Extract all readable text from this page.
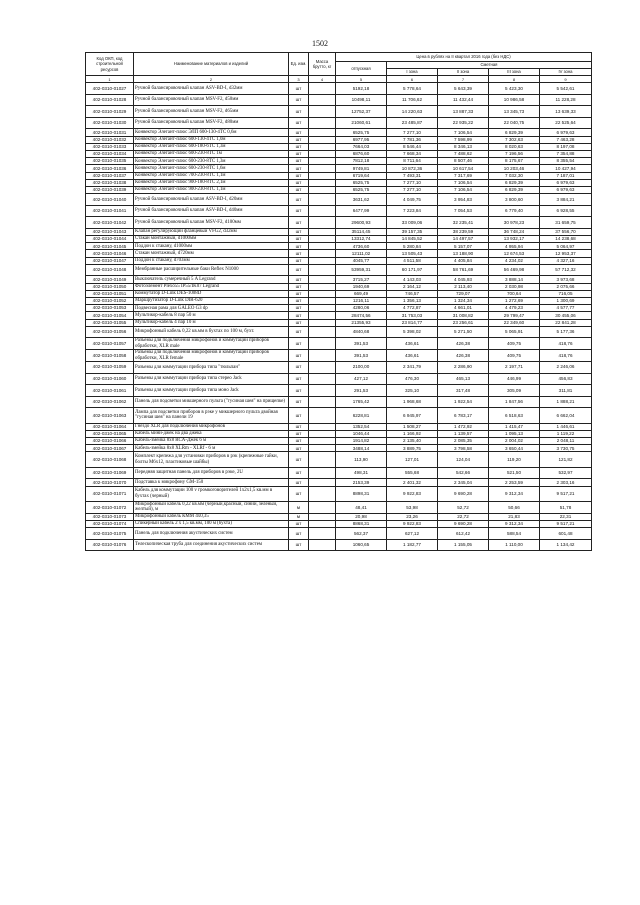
1502
Код ОКП, код строительной ресурсов	Наименование материалов и изделий	Ед. изм.	Масса брутто, кг	Цена в рублях на II квартал 2016 года (без НДС)				
				отпускная	Сметная			
					I зона	II зона	III зона	IV зона
1	2	3	4	5	6	7	8	9
402-0310-01027	Ручной балансировочный клапан ASV-BD-I, d32мм	шт		5192,18	5 778,64	5 643,39	5 423,30	5 542,61
402-0310-01028	Ручной балансировочный клапан MSV-F2, d50мм	шт		10498,11	11 706,62	11 432,44	10 986,58	11 228,28
402-0310-01029	Ручной балансировочный клапан MSV-F2, d65мм	шт		12752,37	14 220,63	13 887,33	13 345,73	13 639,33
402-0310-01030	Ручной балансировочный клапан MSV-F2, d80мм	шт		21060,61	23 485,87	22 935,22	22 040,75	22 525,64
402-0310-01031	Конвектор Элегант-плюс ЭЛП 600-130-4ТС 0,6м	шт		6525,75	7 277,10	7 106,54	6 829,39	6 979,63
402-0310-01032	Конвектор Элегант-плюс 600-130-4ТС 1,0м	шт		6977,95	7 781,36	7 598,99	7 302,63	7 463,28
402-0310-01033	Конвектор Элегант-плюс 600-180-6ТС 1,3м	шт		7664,03	8 546,44	8 346,13	8 020,63	8 197,08
402-0310-01034	Конвектор Элегант-плюс 600-230-8ТС 1м	шт		6876,60	7 668,34	7 488,62	7 196,56	7 354,88
402-0310-01035	Конвектор Элегант-плюс 600-230-8ТС 1,3м	шт		7812,18	8 711,64	8 507,46	8 175,67	8 355,54
402-0310-01036	Конвектор Элегант-плюс 600-230-8ТС 1,6м	шт		9749,81	10 872,36	10 617,54	10 203,46	10 427,94
402-0310-01037	Конвектор Элегант-плюс 700-230-8ТС 1,1м	шт		6719,64	7 493,31	7 317,69	7 032,30	7 187,01
402-0310-01038	Конвектор Элегант-плюс 900-180-8ТС 2,1м	шт		6525,75	7 277,10	7 106,54	6 829,39	6 979,63
402-0310-01039	Конвектор Элегант-плюс 900-230-8ТС 1,1м	шт		6525,75	7 277,10	7 106,54	6 829,39	6 979,63
402-0310-01040	Ручной балансировочный клапан ASV-BD-I, d20мм	шт		3631,62	4 049,75	3 954,83	3 800,60	3 884,21
402-0310-01041	Ручной балансировочный клапан ASV-BD-I, d40мм	шт		6477,99	7 223,84	7 054,53	6 779,40	6 928,55
402-0310-01042	Ручной балансировочный клапан MSV-F2, d100мм	шт		29600,93	33 009,06	32 235,41	30 978,23	31 659,75
402-0310-01043	Клапан регулирующий фланцевый VFG2, d32мм	шт		35114,45	39 157,35	38 239,59	36 748,24	37 556,70
402-0310-01044	Стакан монтажный, d1000мм	шт		13312,74	14 845,52	14 497,57	13 932,17	14 238,68
402-0310-01045	Поддон к стакану, d1000мм	шт		4736,60	5 280,84	5 157,07	4 955,94	5 064,97
402-0310-01046	Стакан монтажный, d720мм	шт		12111,02	13 505,43	13 188,90	12 674,53	12 953,37
402-0310-01047	Поддон к стакану, d703мм	шт		4045,77	4 511,58	4 405,84	4 234,02	4 327,16
402-0310-01048	Мембранные расширительные баки Reflex N1000	шт		53959,31	60 171,97	58 761,69	56 469,98	57 712,32
402-0310-01049	Выключатель сумеречный 5 A Legrand	шт		3715,27	4 143,03	4 045,93	3 888,14	3 973,68
402-0310-01050	Фотоэлемент Plexo55 IP55/IK07 Legrand	шт		1940,69	2 164,12	2 113,40	2 030,98	2 075,66
402-0310-01051	Коммутатор D-Link DES-1008D	шт		669,49	746,57	729,07	700,64	716,05
402-0310-01052	Маршрутизатор D-Link DIR-620	шт		1216,11	1 356,13	1 324,34	1 272,69	1 300,69
402-0310-01053	Подвесная рама для GALEO G3 dp	шт		4280,06	4 772,87	4 661,01	4 479,23	4 577,77
402-0310-01054	Мультикор-кабель 8 пар 50 м	шт		28474,56	31 753,03	31 008,82	29 799,47	30 455,06
402-0310-01055	Мультикор-кабель 4 пар 10 м	шт		21355,93	23 814,77	23 256,61	22 349,60	22 841,28
402-0310-01056	Микрофонный кабель 0,22 кв.мм в бухтах по 100 м, бухт.	шт		4840,68	5 398,02	5 271,50	5 065,91	5 177,36
402-0310-01057	Разъемы для подключения микрофонов и коммутации приборов обработки, XLR male	шт		391,53	436,61	426,38	409,75	418,76
402-0310-01058	Разъемы для подключения микрофонов и коммутации приборов обработки, XLR female	шт		391,53	436,61	426,38	409,75	418,76
402-0310-01059	Разъемы для коммутации прибора типа "тюльпан"	шт		2100,00	2 341,79	2 286,90	2 197,71	2 246,06
402-0310-01060	Разъемы для коммутации прибора типа стерео Jack	шт		427,12	476,30	465,13	446,99	456,83
402-0310-01061	Разъемы для коммутации прибора типа моно Jack	шт		291,53	325,10	317,48	305,09	311,81
402-0310-01062	Панель для подсветки микшерного пульта ("гусиная шея" на прищепке)	шт		1765,42	1 968,68	1 922,54	1 847,56	1 888,21
402-0310-01063	Лампа для подсветки приборов в рэке у микшерного пульта двойная "гусиная шея" на панели 19	шт		6228,81	6 945,97	6 783,17	6 518,63	6 662,04
402-0310-01064	Гнездо XLR для подключения микрофонов	шт		1352,54	1 508,27	1 472,92	1 415,47	1 446,61
402-0310-01065	Кабель мини-джек на два джека	шт		1046,44	1 166,92	1 139,57	1 095,13	1 119,22
402-0310-01066	Кабель-змейка 8x8 RCA-Джек 6 м	шт		1914,82	2 135,40	2 085,35	2 004,02	2 048,11
402-0310-01067	Кабель-змейка 8x8 XLRm - XLRf - 6 м	шт		3488,14	3 889,75	3 798,58	3 650,44	3 730,75
402-0310-01068	Комплект крепежа для установки приборов в рэк (крепежные гайки, болты М6х12, пластиковые шайбы)	шт		113,90	127,01	124,04	119,20	121,82
402-0310-01069	Передняя защитная панель для приборов в рэке, 2U	шт		498,31	555,68	542,66	521,50	532,97
402-0310-01070	Подставка к микрофону GM-150	шт		2153,39	2 401,32	2 345,04	2 253,59	2 303,16
402-0310-01071	Кабель для коммутации 100 v громкоговорителей 1x2x1,5 кв.мм в бухтах (черный)	шт		8898,31	9 922,83	9 690,28	9 312,34	9 517,21
402-0310-01072	Микрофонный кабель 0,22 кв.мм (черный,красный, синий, зеленый, желтый), м	м		48,41	53,98	52,72	50,66	51,78
402-0310-01073	Микрофонный кабель КММ 4х0,35	м		20,98	23,26	22,72	21,83	22,31
402-0310-01074	Спикерный кабель 2 х 1,5 кв.мм, 100 м (бухта)	шт		8868,31	9 922,83	9 690,28	9 312,34	9 517,21
402-0310-01075	Панель для подключения акустических систем	шт		562,37	627,12	612,42	588,54	601,48
402-0310-01076	Телескопическая труба для соединения акустических систем	шт		1060,65	1 182,77	1 155,05	1 110,00	1 134,42
